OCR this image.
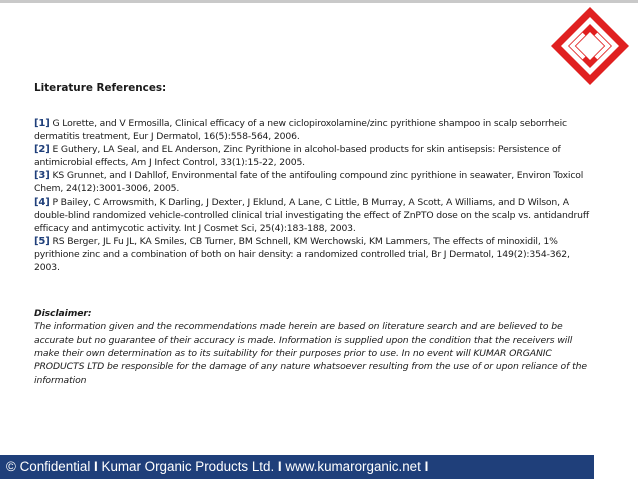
Literature References:

[1] G Lorette, and V Ermosilla, Clinical efficacy of a new ciclopiroxolamine/zinc pyrithione shampoo in scalp seborrheic dermatitis treatment, Eur J Dermatol, 16(5):558-564, 2006.

[2] E Guthery, LA Seal, and EL Anderson, Zinc Pyrithione in alcohol-based products for skin antisepsis: Persistence of antimicrobial effects, Am J Infect Control, 33(1):15-22, 2005.

[3] KS Grunnet, and I Dahllof, Environmental fate of the antifouling compound zinc pyrithione in seawater, Environ Toxicol Chem, 24(12):3001-3006, 2005.

[4] P Bailey, C Arrowsmith, K Darling, J Dexter, J Eklund, A Lane, C Little, B Murray, A Scott, A Williams, and D Wilson, A double-blind randomized vehicle-controlled clinical trial investigating the effect of ZnPTO dose on the scalp vs. antidandruff efficacy and antimycotic activity. Int J Cosmet Sci, 25(4):183-188, 2003.

[5] RS Berger, JL Fu JL, KA Smiles, CB Turner, BM Schnell, KM Werchowski, KM Lammers, The effects of minoxidil, 1% pyrithione zinc and a combination of both on hair density: a randomized controlled trial, Br J Dermatol, 149(2):354-362, 2003.

Disclaimer:
The information given and the recommendations made herein are based on literature search and are believed to be accurate but no guarantee of their accuracy is made. Information is supplied upon the condition that the receivers will make their own determination as to its suitability for their purposes prior to use. In no event will KUMAR ORGANIC PRODUCTS LTD be responsible for the damage of any nature whatsoever resulting from the use of or upon reliance of the information
© Confidential I Kumar Organic Products Ltd. I www.kumarorganic.net I
